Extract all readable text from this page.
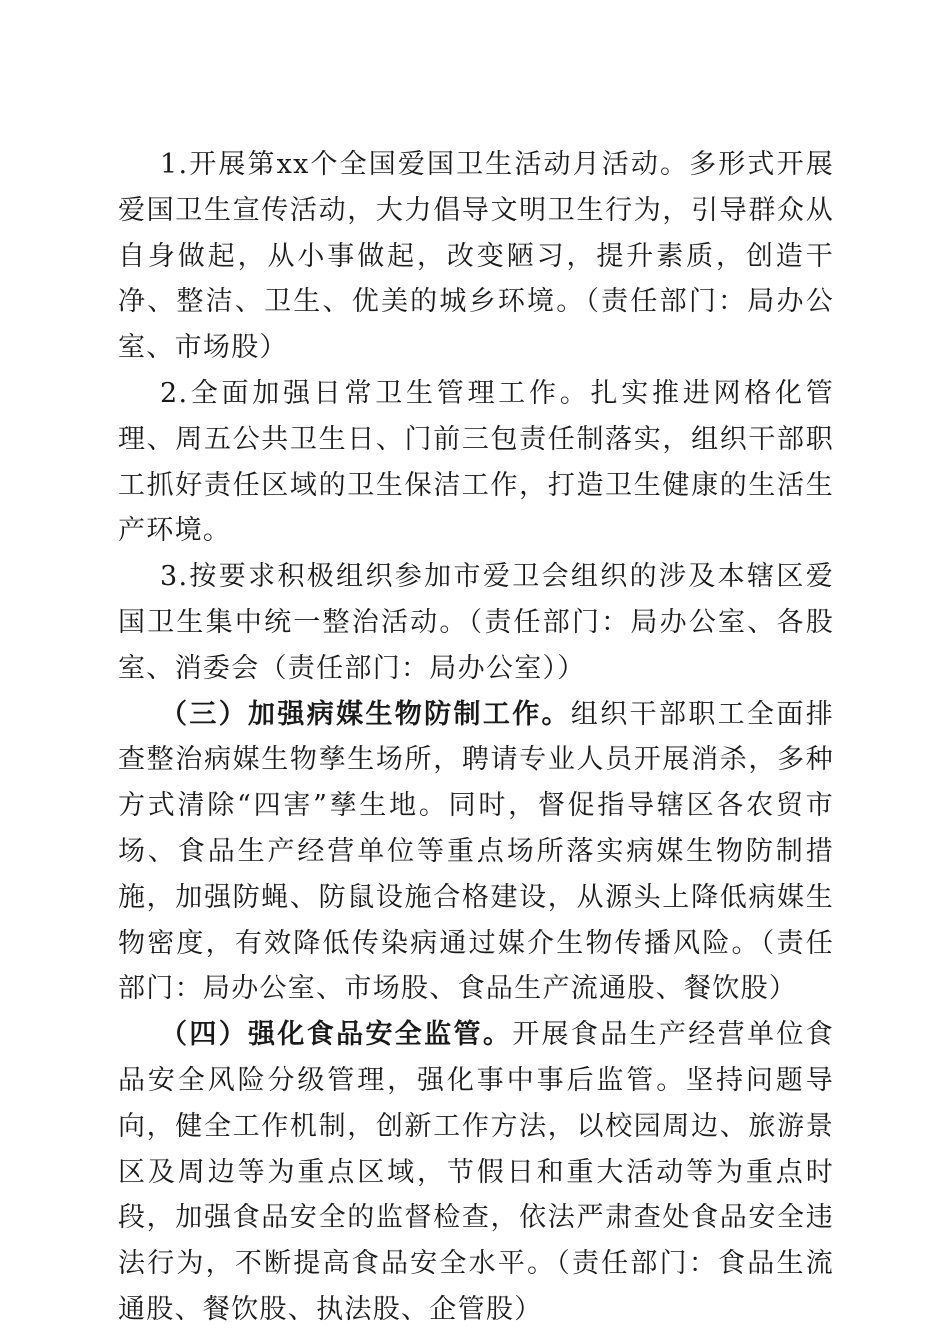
1.开展第xx个全国爱国卫生活动月活动。多形式开展爱国卫生宣传活动，大力倡导文明卫生行为，引导群众从自身做起，从小事做起，改变陋习，提升素质，创造干净、整洁、卫生、优美的城乡环境。（责任部门：局办公室、市场股）

2.全面加强日常卫生管理工作。扎实推进网格化管理、周五公共卫生日、门前三包责任制落实，组织干部职工抓好责任区域的卫生保洁工作，打造卫生健康的生活生产环境。

3.按要求积极组织参加市爱卫会组织的涉及本辖区爱国卫生集中统一整治活动。（责任部门：局办公室、各股室、消委会（责任部门：局办公室））

（三）加强病媒生物防制工作。组织干部职工全面排查整治病媒生物孳生场所，聘请专业人员开展消杀，多种方式清除“四害”孳生地。同时，督促指导辖区各农贸市场、食品生产经营单位等重点场所落实病媒生物防制措施，加强防蝇、防鼠设施合格建设，从源头上降低病媒生物密度，有效降低传染病通过媒介生物传播风险。（责任部门：局办公室、市场股、食品生产流通股、餐饮股）

（四）强化食品安全监管。开展食品生产经营单位食品安全风险分级管理，强化事中事后监管。坚持问题导向，健全工作机制，创新工作方法，以校园周边、旅游景区及周边等为重点区域，节假日和重大活动等为重点时段，加强食品安全的监督检查，依法严肃查处食品安全违法行为，不断提高食品安全水平。（责任部门：食品生流通股、餐饮股、执法股、企管股）
